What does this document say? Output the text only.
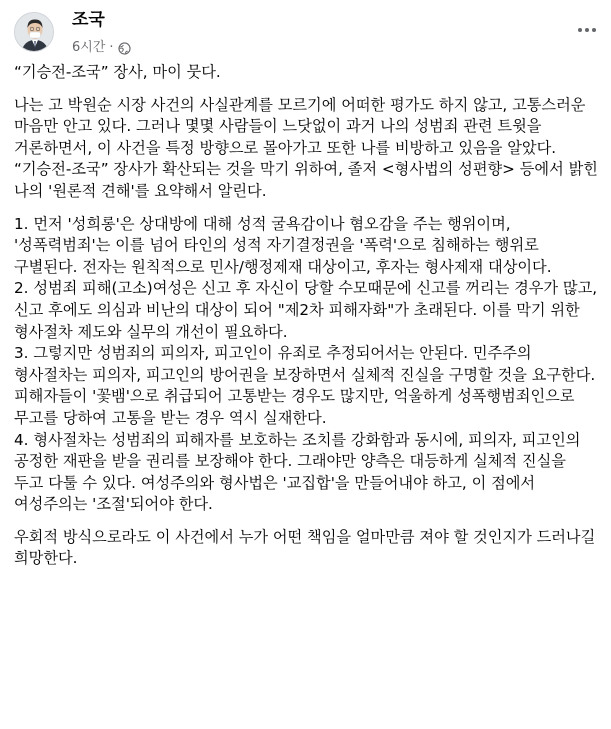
조국
6시간 ·

“기승전-조국” 장사, 마이 뭇다.

나는 고 박원순 시장 사건의 사실관계를 모르기에 어떠한 평가도 하지 않고, 고통스러운 마음만 안고 있다. 그러나 몇몇 사람들이 느닷없이 과거 나의 성범죄 관련 트윗을 거론하면서, 이 사건을 특정 방향으로 몰아가고 또한 나를 비방하고 있음을 알았다. “기승전-조국” 장사가 확산되는 것을 막기 위하여, 졸저 <형사법의 성편향> 등에서 밝힌 나의 '원론적 견해'를 요약해서 알린다.

1. 먼저 '성희롱'은 상대방에 대해 성적 굴욕감이나 혐오감을 주는 행위이며, '성폭력범죄'는 이를 넘어 타인의 성적 자기결정권을 '폭력'으로 침해하는 행위로 구별된다. 전자는 원칙적으로 민사/행정제재 대상이고, 후자는 형사제재 대상이다.
2. 성범죄 피해(고소)여성은 신고 후 자신이 당할 수모때문에 신고를 꺼리는 경우가 많고, 신고 후에도 의심과 비난의 대상이 되어 "제2차 피해자화"가 초래된다. 이를 막기 위한 형사절차 제도와 실무의 개선이 필요하다.
3. 그렇지만 성범죄의 피의자, 피고인이 유죄로 추정되어서는 안된다. 민주주의 형사절차는 피의자, 피고인의 방어권을 보장하면서 실체적 진실을 구명할 것을 요구한다. 피해자들이 '꽃뱀'으로 취급되어 고통받는 경우도 많지만, 억울하게 성폭행범죄인으로 무고를 당하여 고통을 받는 경우 역시 실재한다.
4. 형사절차는 성범죄의 피해자를 보호하는 조치를 강화함과 동시에, 피의자, 피고인의 공정한 재판을 받을 권리를 보장해야 한다. 그래야만 양측은 대등하게 실체적 진실을 두고 다툴 수 있다. 여성주의와 형사법은 '교집합'을 만들어내야 하고, 이 점에서 여성주의는 '조절'되어야 한다.

우회적 방식으로라도 이 사건에서 누가 어떤 책임을 얼마만큼 져야 할 것인지가 드러나길 희망한다.
